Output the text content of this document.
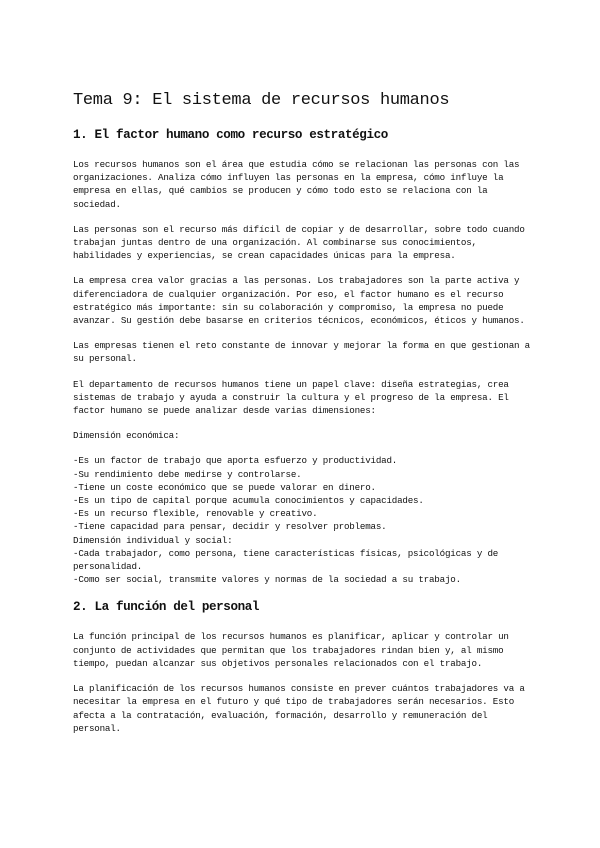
Tema 9: El sistema de recursos humanos
1. El factor humano como recurso estratégico

Los recursos humanos son el área que estudia cómo se relacionan las personas con las organizaciones. Analiza cómo influyen las personas en la empresa, cómo influye la empresa en ellas, qué cambios se producen y cómo todo esto se relaciona con la sociedad.

Las personas son el recurso más difícil de copiar y de desarrollar, sobre todo cuando trabajan juntas dentro de una organización. Al combinarse sus conocimientos, habilidades y experiencias, se crean capacidades únicas para la empresa.

La empresa crea valor gracias a las personas. Los trabajadores son la parte activa y diferenciadora de cualquier organización. Por eso, el factor humano es el recurso estratégico más importante: sin su colaboración y compromiso, la empresa no puede avanzar. Su gestión debe basarse en criterios técnicos, económicos, éticos y humanos.

Las empresas tienen el reto constante de innovar y mejorar la forma en que gestionan a su personal.

El departamento de recursos humanos tiene un papel clave: diseña estrategias, crea sistemas de trabajo y ayuda a construir la cultura y el progreso de la empresa. El factor humano se puede analizar desde varias dimensiones:

Dimensión económica:
-Es un factor de trabajo que aporta esfuerzo y productividad.
-Su rendimiento debe medirse y controlarse.
-Tiene un coste económico que se puede valorar en dinero.
-Es un tipo de capital porque acumula conocimientos y capacidades.
-Es un recurso flexible, renovable y creativo.
-Tiene capacidad para pensar, decidir y resolver problemas.
Dimensión individual y social:
-Cada trabajador, como persona, tiene características físicas, psicológicas y de personalidad.
-Como ser social, transmite valores y normas de la sociedad a su trabajo.
2. La función del personal

La función principal de los recursos humanos es planificar, aplicar y controlar un conjunto de actividades que permitan que los trabajadores rindan bien y, al mismo tiempo, puedan alcanzar sus objetivos personales relacionados con el trabajo.

La planificación de los recursos humanos consiste en prever cuántos trabajadores va a necesitar la empresa en el futuro y qué tipo de trabajadores serán necesarios. Esto afecta a la contratación, evaluación, formación, desarrollo y remuneración del personal.
